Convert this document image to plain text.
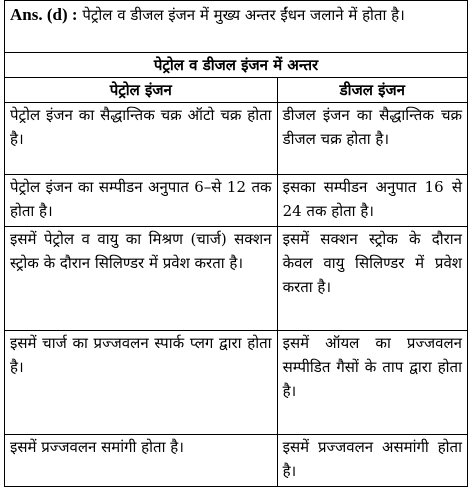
Ans. (d) : पेट्रोल व डीजल इंजन में मुख्य अन्तर ईंधन जलाने में होता है।	
पेट्रोल व डीजल इंजन में अन्तर	
पेट्रोल इंजन	डीजल इंजन
पेट्रोल इंजन का सैद्धान्तिक चक्र ऑटो चक्र होता है।	डीजल इंजन का सैद्धान्तिक चक्र डीजल चक्र होता है।
पेट्रोल इंजन का सम्पीडन अनुपात 6–से 12 तक होता है।	इसका सम्पीडन अनुपात 16 से 24 तक होता है।
इसमें पेट्रोल व वायु का मिश्रण (चार्ज) सक्शन स्ट्रोक के दौरान सिलिण्डर में प्रवेश करता है।	इसमें सक्शन स्ट्रोक के दौरान केवल वायु सिलिण्डर में प्रवेश करता है।
इसमें चार्ज का प्रज्जवलन स्पार्क प्लग द्वारा होता है।	इसमें ऑयल का प्रज्जवलन सम्पीडित गैसों के ताप द्वारा होता है।
इसमें प्रज्जवलन समांगी होता है।	इसमें प्रज्जवलन असमांगी होता है।
